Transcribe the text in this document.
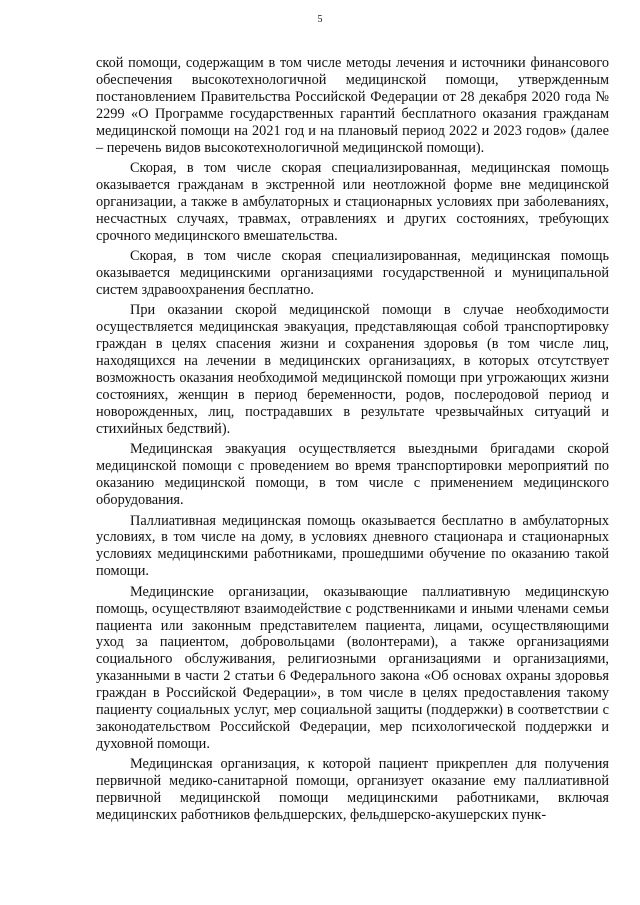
5

ской помощи, содержащим в том числе методы лечения и источники финансового обеспечения высокотехнологичной медицинской помощи, утвержденным постановлением Правительства Российской Федерации от 28 декабря 2020 года № 2299 «О Программе государственных гарантий бесплатного оказания гражданам медицинской помощи на 2021 год и на плановый период 2022 и 2023 годов» (далее – перечень видов высокотехнологичной медицинской помощи).

Скорая, в том числе скорая специализированная, медицинская помощь оказывается гражданам в экстренной или неотложной форме вне медицинской организации, а также в амбулаторных и стационарных условиях при заболеваниях, несчастных случаях, травмах, отравлениях и других состояниях, требующих срочного медицинского вмешательства.

Скорая, в том числе скорая специализированная, медицинская помощь оказывается медицинскими организациями государственной и муниципальной систем здравоохранения бесплатно.

При оказании скорой медицинской помощи в случае необходимости осуществляется медицинская эвакуация, представляющая собой транспортировку граждан в целях спасения жизни и сохранения здоровья (в том числе лиц, находящихся на лечении в медицинских организациях, в которых отсутствует возможность оказания необходимой медицинской помощи при угрожающих жизни состояниях, женщин в период беременности, родов, послеродовой период и новорожденных, лиц, пострадавших в результате чрезвычайных ситуаций и стихийных бедствий).

Медицинская эвакуация осуществляется выездными бригадами скорой медицинской помощи с проведением во время транспортировки мероприятий по оказанию медицинской помощи, в том числе с применением медицинского оборудования.

Паллиативная медицинская помощь оказывается бесплатно в амбулаторных условиях, в том числе на дому, в условиях дневного стационара и стационарных условиях медицинскими работниками, прошедшими обучение по оказанию такой помощи.

Медицинские организации, оказывающие паллиативную медицинскую помощь, осуществляют взаимодействие с родственниками и иными членами семьи пациента или законным представителем пациента, лицами, осуществляющими уход за пациентом, добровольцами (волонтерами), а также организациями социального обслуживания, религиозными организациями и организациями, указанными в части 2 статьи 6 Федерального закона «Об основах охраны здоровья граждан в Российской Федерации», в том числе в целях предоставления такому пациенту социальных услуг, мер социальной защиты (поддержки) в соответствии с законодательством Российской Федерации, мер психологической поддержки и духовной помощи.

Медицинская организация, к которой пациент прикреплен для получения первичной медико-санитарной помощи, организует оказание ему паллиативной первичной медицинской помощи медицинскими работниками, включая медицинских работников фельдшерских, фельдшерско-акушерских пунк-
